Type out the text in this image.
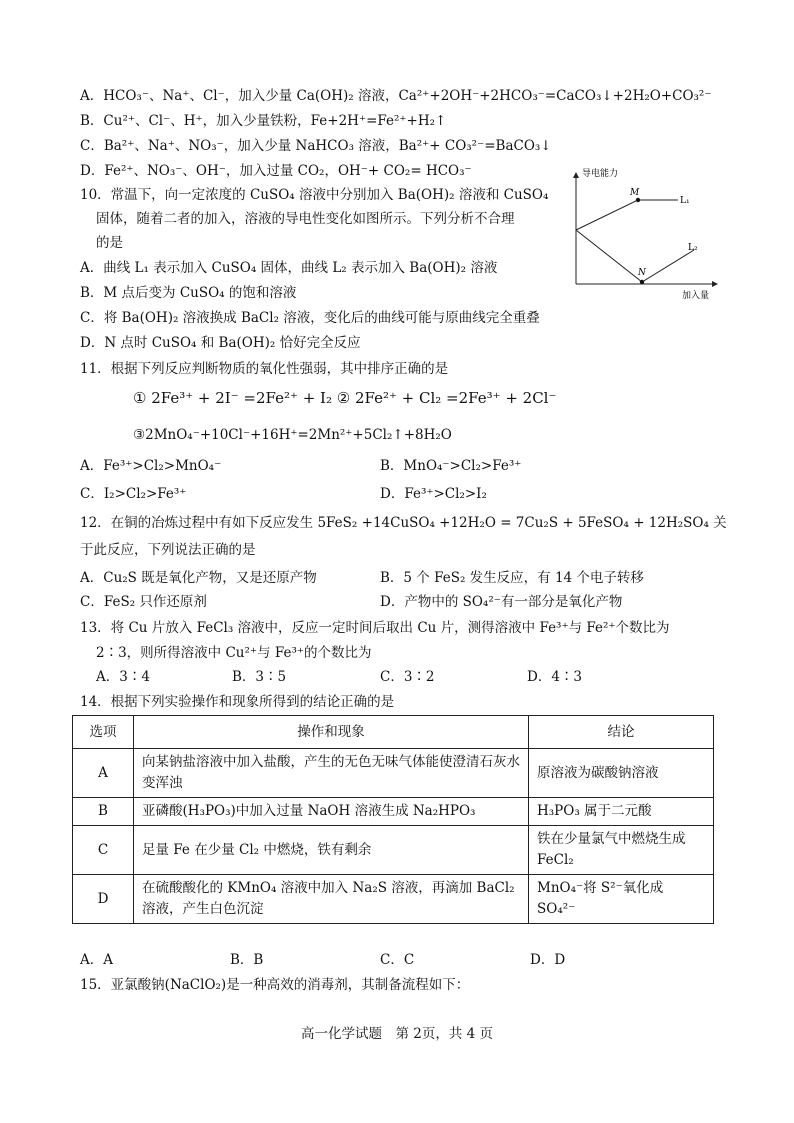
A．HCO₃⁻、Na⁺、Cl⁻，加入少量 Ca(OH)₂ 溶液，Ca²⁺+2OH⁻+2HCO₃⁻=CaCO₃↓+2H₂O+CO₃²⁻
B．Cu²⁺、Cl⁻、H⁺，加入少量铁粉，Fe+2H⁺=Fe²⁺+H₂↑
C．Ba²⁺、Na⁺、NO₃⁻，加入少量 NaHCO₃ 溶液，Ba²⁺+ CO₃²⁻=BaCO₃↓
D．Fe²⁺、NO₃⁻、OH⁻，加入过量 CO₂，OH⁻+ CO₂= HCO₃⁻
10．常温下，向一定浓度的 CuSO₄ 溶液中分别加入 Ba(OH)₂ 溶液和 CuSO₄
固体，随着二者的加入，溶液的导电性变化如图所示。下列分析不合理
的是
A．曲线 L₁ 表示加入 CuSO₄ 固体，曲线 L₂ 表示加入 Ba(OH)₂ 溶液
B．M 点后变为 CuSO₄ 的饱和溶液
C．将 Ba(OH)₂ 溶液换成 BaCl₂ 溶液，变化后的曲线可能与原曲线完全重叠
D．N 点时 CuSO₄ 和 Ba(OH)₂ 恰好完全反应
导电能力
M
L₁
L₂
N
加入量
11．根据下列反应判断物质的氧化性强弱，其中排序正确的是
① 2Fe³⁺ + 2I⁻ =2Fe²⁺ + I₂ ② 2Fe²⁺ + Cl₂ =2Fe³⁺ + 2Cl⁻
③2MnO₄⁻+10Cl⁻+16H⁺=2Mn²⁺+5Cl₂↑+8H₂O
A．Fe³⁺>Cl₂>MnO₄⁻	B．MnO₄⁻>Cl₂>Fe³⁺
C．I₂>Cl₂>Fe³⁺	D．Fe³⁺>Cl₂>I₂
12．在铜的冶炼过程中有如下反应发生 5FeS₂ +14CuSO₄ +12H₂O = 7Cu₂S + 5FeSO₄ + 12H₂SO₄ 关
于此反应，下列说法正确的是
A．Cu₂S 既是氧化产物，又是还原产物	B．5 个 FeS₂ 发生反应，有 14 个电子转移
C．FeS₂ 只作还原剂	D．产物中的 SO₄²⁻有一部分是氧化产物
13．将 Cu 片放入 FeCl₃ 溶液中，反应一定时间后取出 Cu 片，测得溶液中 Fe³⁺与 Fe²⁺个数比为
2∶3，则所得溶液中 Cu²⁺与 Fe³⁺的个数比为
A．3∶4	B．3∶5	C．3∶2	D．4∶3
14．根据下列实验操作和现象所得到的结论正确的是
选项	操作和现象	结论
A	向某钠盐溶液中加入盐酸，产生的无色无味气体能使澄清石灰水变浑浊	原溶液为碳酸钠溶液
B	亚磷酸(H₃PO₃)中加入过量 NaOH 溶液生成 Na₂HPO₃	H₃PO₃ 属于二元酸
C	足量 Fe 在少量 Cl₂ 中燃烧，铁有剩余	铁在少量氯气中燃烧生成 FeCl₂
D	在硫酸酸化的 KMnO₄ 溶液中加入 Na₂S 溶液，再滴加 BaCl₂ 溶液，产生白色沉淀	MnO₄⁻将 S²⁻氧化成 SO₄²⁻
A．A	B．B	C．C	D．D
15．亚氯酸钠(NaClO₂)是一种高效的消毒剂，其制备流程如下：
高一化学试题　第 2页，共 4 页
